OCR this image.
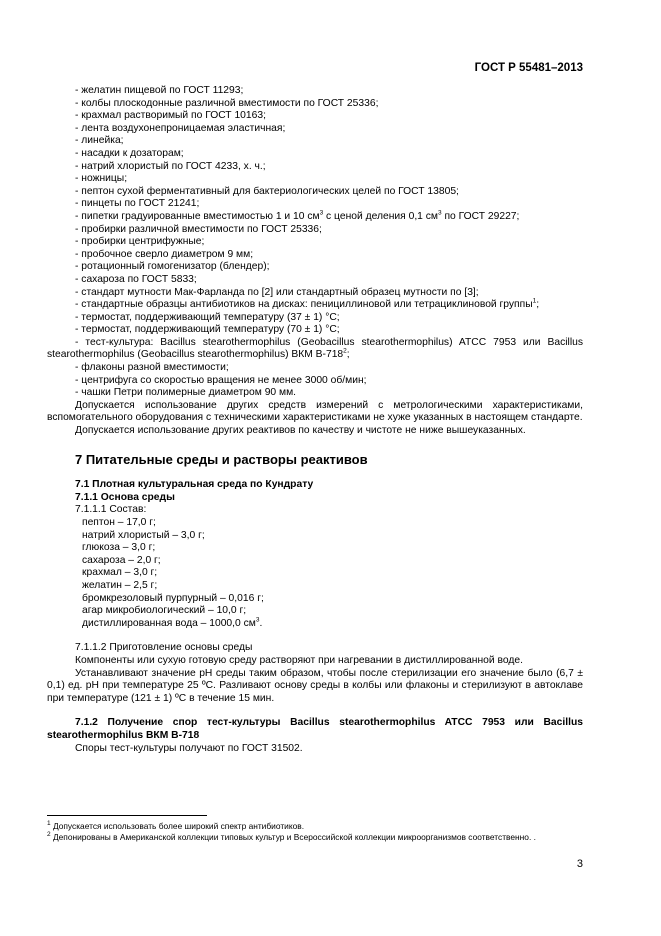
ГОСТ Р 55481–2013

- желатин пищевой по ГОСТ 11293;

- колбы плоскодонные различной вместимости по ГОСТ 25336;

- крахмал растворимый по ГОСТ 10163;

- лента воздухонепроницаемая эластичная;

- линейка;

- насадки к дозаторам;

- натрий хлористый по ГОСТ 4233, х. ч.;

- ножницы;

- пептон сухой ферментативный для бактериологических целей по ГОСТ 13805;

- пинцеты по ГОСТ 21241;

- пипетки градуированные вместимостью 1 и 10 $см^3$ с ценой деления 0,1 $см^3$ по ГОСТ 29227;

- пробирки различной вместимости по ГОСТ 25336;

- пробирки центрифужные;

- пробочное сверло диаметром 9 мм;

- ротационный гомогенизатор (блендер);

- сахароза по ГОСТ 5833;

- стандарт мутности Мак-Фарланда по [2] или стандартный образец мутности по [3];

- стандартные образцы антибиотиков на дисках: пенициллиновой или тетрациклиновой группы$^1$;

- термостат, поддерживающий температуру (37 ± 1) °С;

- термостат, поддерживающий температуру (70 ± 1) °С;

- тест-культура: Bacillus stearothermophilus (Geobacillus stearothermophilus) ATCC 7953 или Bacillus stearothermophilus (Geobacillus stearothermophilus) ВКМ $В-718^2$;

- флаконы разной вместимости;

- центрифуга со скоростью вращения не менее 3000 об/мин;

- чашки Петри полимерные диаметром 90 мм.

Допускается использование других средств измерений с метрологическими характеристиками, вспомогательного оборудования с техническими характеристиками не хуже указанных в настоящем стандарте.

Допускается использование других реактивов по качеству и чистоте не ниже вышеуказанных.

7 Питательные среды и растворы реактивов

7.1 Плотная культуральная среда по Кундрату

7.1.1 Основа среды

7.1.1.1 Состав:

пептон – 17,0 г;

натрий хлористый – 3,0 г;

глюкоза – 3,0 г;

сахароза – 2,0 г;

крахмал – 3,0 г;

желатин – 2,5 г;

бромкрезоловый пурпурный – 0,016 г;

агар микробиологический – 10,0 г;

дистиллированная вода – 1000,0 $см^3$.

7.1.1.2 Приготовление основы среды

Компоненты или сухую готовую среду растворяют при нагревании в дистиллированной воде.

Устанавливают значение pH среды таким образом, чтобы после стерилизации его значение было (6,7 ± 0,1) ед. pH при температуре 25 ºС. Разливают основу среды в колбы или флаконы и стерилизуют в автоклаве при температуре (121 ± 1) ºС в течение 15 мин.

7.1.2 Получение спор тест-культуры Bacillus stearothermophilus ATCC 7953 или Bacillus stearothermophilus ВКМ В-718

Споры тест-культуры получают по ГОСТ 31502.

$^1$ Допускается использовать более широкий спектр антибиотиков.

$^2$ Депонированы в Американской коллекции типовых культур и Всероссийской коллекции микроорганизмов соответственно. .

3
